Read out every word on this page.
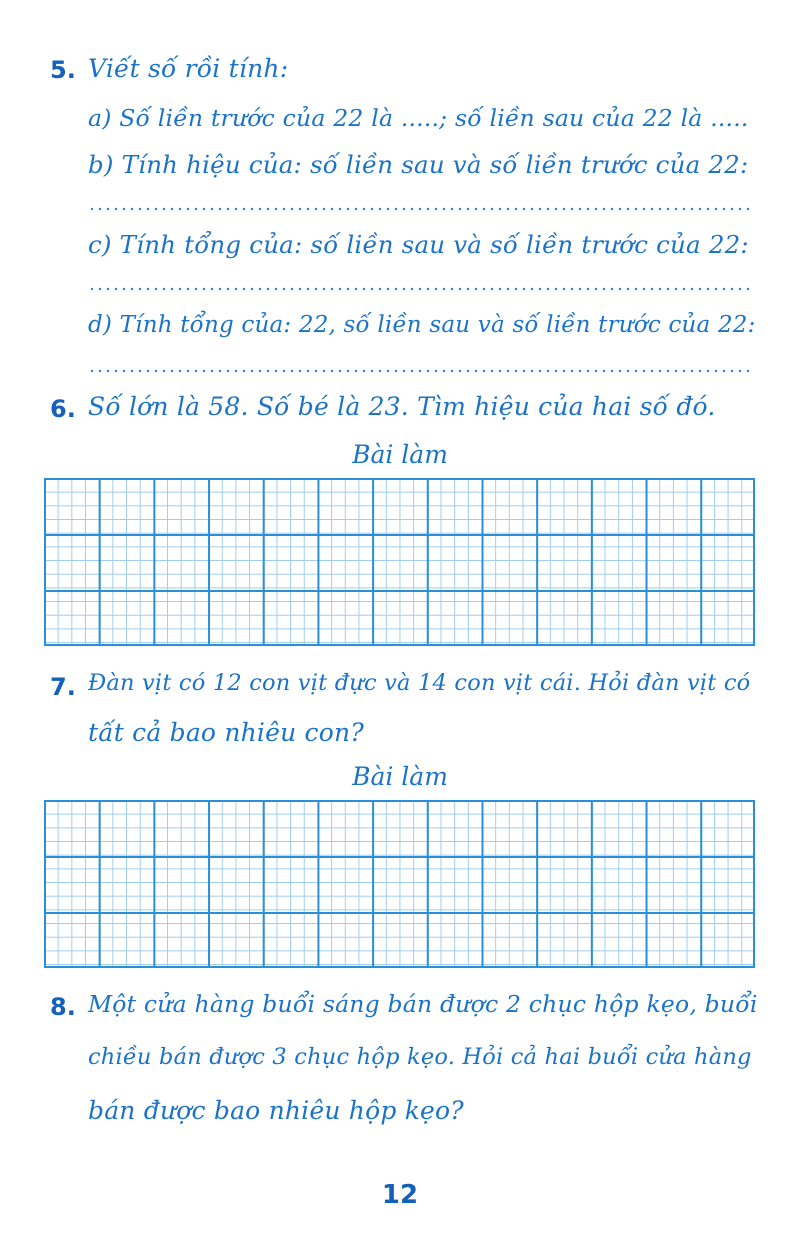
5. Viết số rồi tính:
a) Số liền trước của 22 là .....; số liền sau của 22 là .....
b) Tính hiệu của: số liền sau và số liền trước của 22:
c) Tính tổng của: số liền sau và số liền trước của 22:
d) Tính tổng của: 22, số liền sau và số liền trước của 22:
6. Số lớn là 58. Số bé là 23. Tìm hiệu của hai số đó.
Bài làm
7. Đàn vịt có 12 con vịt đực và 14 con vịt cái. Hỏi đàn vịt có
tất cả bao nhiêu con?
Bài làm
8. Một cửa hàng buổi sáng bán được 2 chục hộp kẹo, buổi
chiều bán được 3 chục hộp kẹo. Hỏi cả hai buổi cửa hàng
bán được bao nhiêu hộp kẹo?
12
